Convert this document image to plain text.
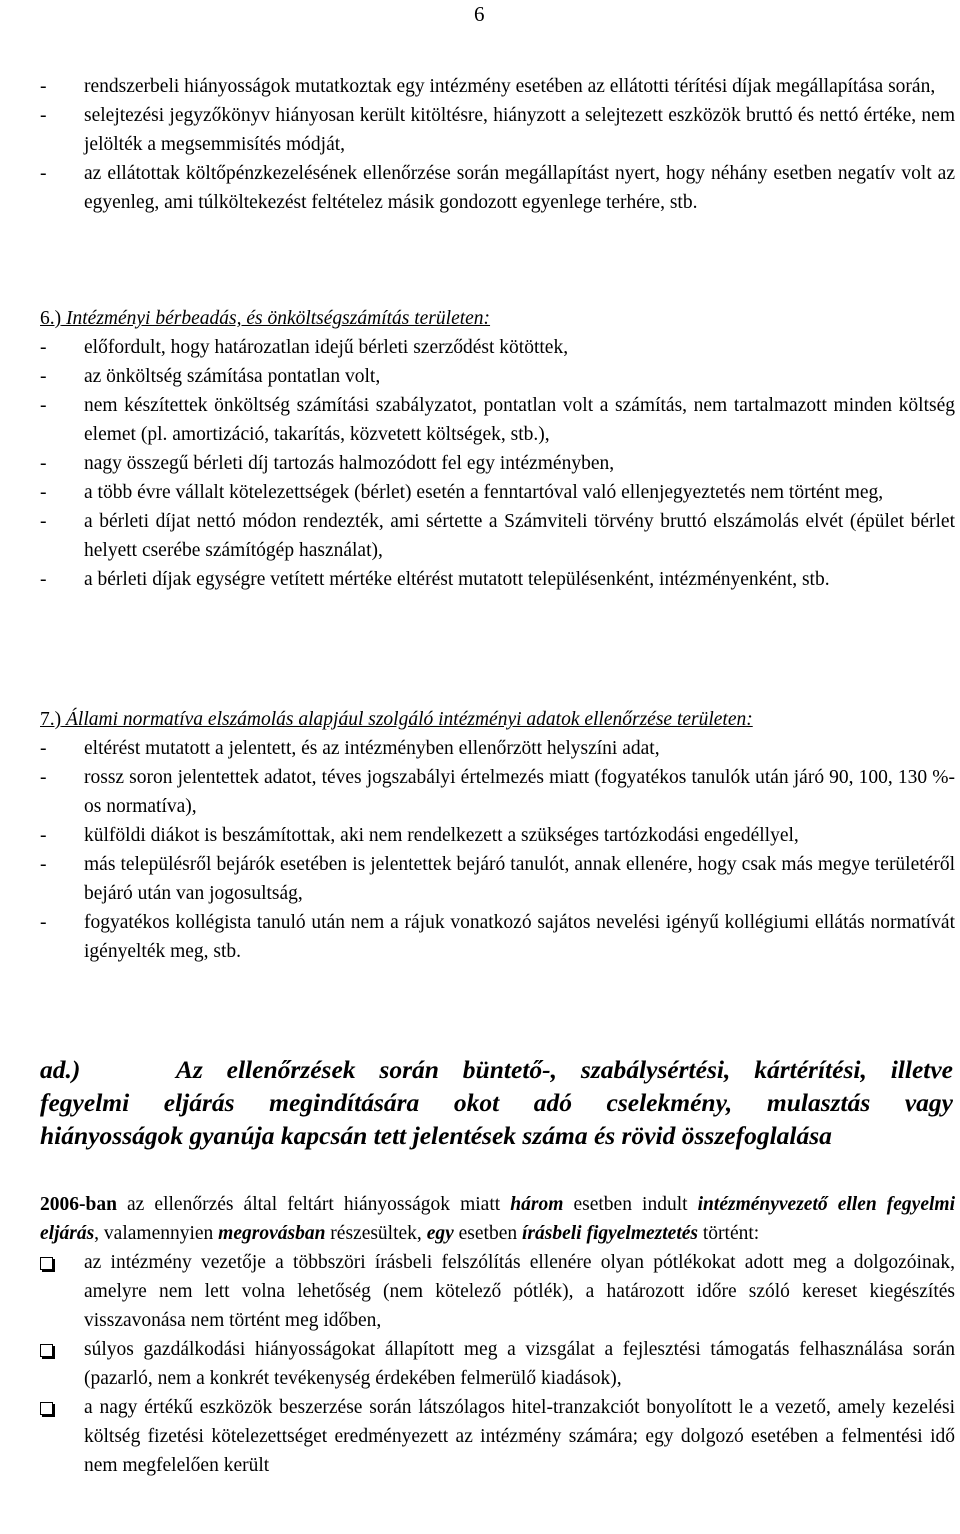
6
- rendszerbeli hiányosságok mutatkoztak egy intézmény esetében az ellátotti térítési díjak megállapítása során,
- selejtezési jegyzőkönyv hiányosan került kitöltésre, hiányzott a selejtezett eszközök bruttó és nettó értéke, nem jelölték a megsemmisítés módját,
- az ellátottak költőpénzkezelésének ellenőrzése során megállapítást nyert, hogy néhány esetben negatív volt az egyenleg, ami túlköltekezést feltételez másik gondozott egyenlege terhére, stb.
6.) Intézményi bérbeadás, és önköltségszámítás területen:
- előfordult, hogy határozatlan idejű bérleti szerződést kötöttek,
- az önköltség számítása pontatlan volt,
- nem készítettek önköltség számítási szabályzatot, pontatlan volt a számítás, nem tartalmazott minden költség elemet (pl. amortizáció, takarítás, közvetett költségek, stb.),
- nagy összegű bérleti díj tartozás halmozódott fel egy intézményben,
- a több évre vállalt kötelezettségek (bérlet) esetén a fenntartóval való ellenjegyeztetés nem történt meg,
- a bérleti díjat nettó módon rendezték, ami sértette a Számviteli törvény bruttó elszámolás elvét (épület bérlet helyett cserébe számítógép használat),
- a bérleti díjak egységre vetített mértéke eltérést mutatott településenként, intézményenként, stb.
7.) Állami normatíva elszámolás alapjául szolgáló intézményi adatok ellenőrzése területen:
- eltérést mutatott a jelentett, és az intézményben ellenőrzött helyszíni adat,
- rossz soron jelentettek adatot, téves jogszabályi értelmezés miatt (fogyatékos tanulók után járó 90, 100, 130 %-os normatíva),
- külföldi diákot is beszámítottak, aki nem rendelkezett a szükséges tartózkodási engedéllyel,
- más településről bejárók esetében is jelentettek bejáró tanulót, annak ellenére, hogy csak más megye területéről bejáró után van jogosultság,
- fogyatékos kollégista tanuló után nem a rájuk vonatkozó sajátos nevelési igényű kollégiumi ellátás normatívát igényelték meg, stb.
ad.)	Az ellenőrzések során büntető-, szabálysértési, kártérítési, illetve
fegyelmi eljárás megindítására okot adó cselekmény, mulasztás vagy
hiányosságok gyanúja kapcsán tett jelentések száma és rövid összefoglalása
2006-ban az ellenőrzés által feltárt hiányosságok miatt három esetben indult intézményvezető ellen fegyelmi eljárás, valamennyien megrovásban részesültek, egy esetben írásbeli figyelmeztetés történt:
az intézmény vezetője a többszöri írásbeli felszólítás ellenére olyan pótlékokat adott meg a dolgozóinak, amelyre nem lett volna lehetőség (nem kötelező pótlék), a határozott időre szóló kereset kiegészítés visszavonása nem történt meg időben,
súlyos gazdálkodási hiányosságokat állapított meg a vizsgálat a fejlesztési támogatás felhasználása során (pazarló, nem a konkrét tevékenység érdekében felmerülő kiadások),
a nagy értékű eszközök beszerzése során látszólagos hitel-tranzakciót bonyolított le a vezető, amely kezelési költség fizetési kötelezettséget eredményezett az intézmény számára; egy dolgozó esetében a felmentési idő nem megfelelően került
